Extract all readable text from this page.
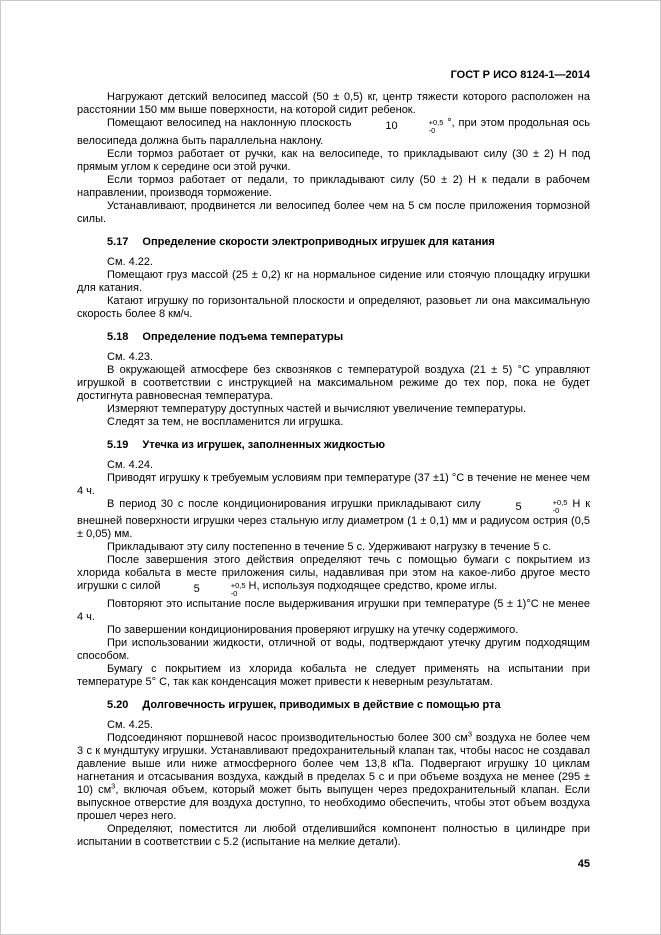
ГОСТ Р ИСО 8124-1—2014

Нагружают детский велосипед массой (50 ± 0,5) кг, центр тяжести которого расположен на расстоянии 150 мм выше поверхности, на которой сидит ребенок.

Помещают велосипед на наклонную плоскость	10	+0,5
-0
°, при этом продольная ось велосипеда должна быть параллельна наклону.

Если тормоз работает от ручки, как на велосипеде, то прикладывают силу (30 ± 2) Н под прямым углом к середине оси этой ручки.

Если тормоз работает от педали, то прикладывают силу (50 ± 2) Н к педали в рабочем направлении, производя торможение.

Устанавливают, продвинется ли велосипед более чем на 5 см после приложения тормозной силы.

5.17 Определение скорости электроприводных игрушек для катания

См. 4.22.

Помещают груз массой (25 ± 0,2) кг на нормальное сидение или стоячую площадку игрушки для катания.

Катают игрушку по горизонтальной плоскости и определяют, разовьет ли она максимальную скорость более 8 км/ч.

5.18 Определение подъема температуры

См. 4.23.

В окружающей атмосфере без сквозняков с температурой воздуха (21 ± 5) °С управляют игрушкой в соответствии с инструкцией на максимальном режиме до тех пор, пока не будет достигнута равновесная температура.

Измеряют температуру доступных частей и вычисляют увеличение температуры.

Следят за тем, не воспламенится ли игрушка.

5.19 Утечка из игрушек, заполненных жидкостью

См. 4.24.

Приводят игрушку к требуемым условиям при температуре (37 ±1) °С в течение не менее чем 4 ч.

В период 30 с после кондиционирования игрушки прикладывают силу	5	+0,5
-0
Н к внешней поверхности игрушки через стальную иглу диаметром (1 ± 0,1) мм и радиусом острия (0,5 ± 0,05) мм.

Прикладывают эту силу постепенно в течение 5 с. Удерживают нагрузку в течение 5 с.

После завершения этого действия определяют течь с помощью бумаги с покрытием из хлорида кобальта в месте приложения силы, надавливая при этом на какое-либо другое место игрушки с силой	5	+0,5
-0
Н, используя подходящее средство, кроме иглы.

Повторяют это испытание после выдерживания игрушки при температуре (5 ± 1)°С не менее 4 ч.

По завершении кондиционирования проверяют игрушку на утечку содержимого.

При использовании жидкости, отличной от воды, подтверждают утечку другим подходящим способом.

Бумагу с покрытием из хлорида кобальта не следует применять на испытании при температуре 5° С, так как конденсация может привести к неверным результатам.

5.20 Долговечность игрушек, приводимых в действие с помощью рта

См. 4.25.

Подсоединяют поршневой насос производительностью более 300 $см^3$ воздуха не более чем 3 с к мундштуку игрушки. Устанавливают предохранительный клапан так, чтобы насос не создавал давление выше или ниже атмосферного более чем 13,8 кПа. Подвергают игрушку 10 циклам нагнетания и отсасывания воздуха, каждый в пределах 5 с и при объеме воздуха не менее (295 ± 10) $см^3$, включая объем, который может быть выпущен через предохранительный клапан. Если выпускное отверстие для воздуха доступно, то необходимо обеспечить, чтобы этот объем воздуха прошел через него.

Определяют, поместится ли любой отделившийся компонент полностью в цилиндре при испытании в соответствии с 5.2 (испытание на мелкие детали).

45
